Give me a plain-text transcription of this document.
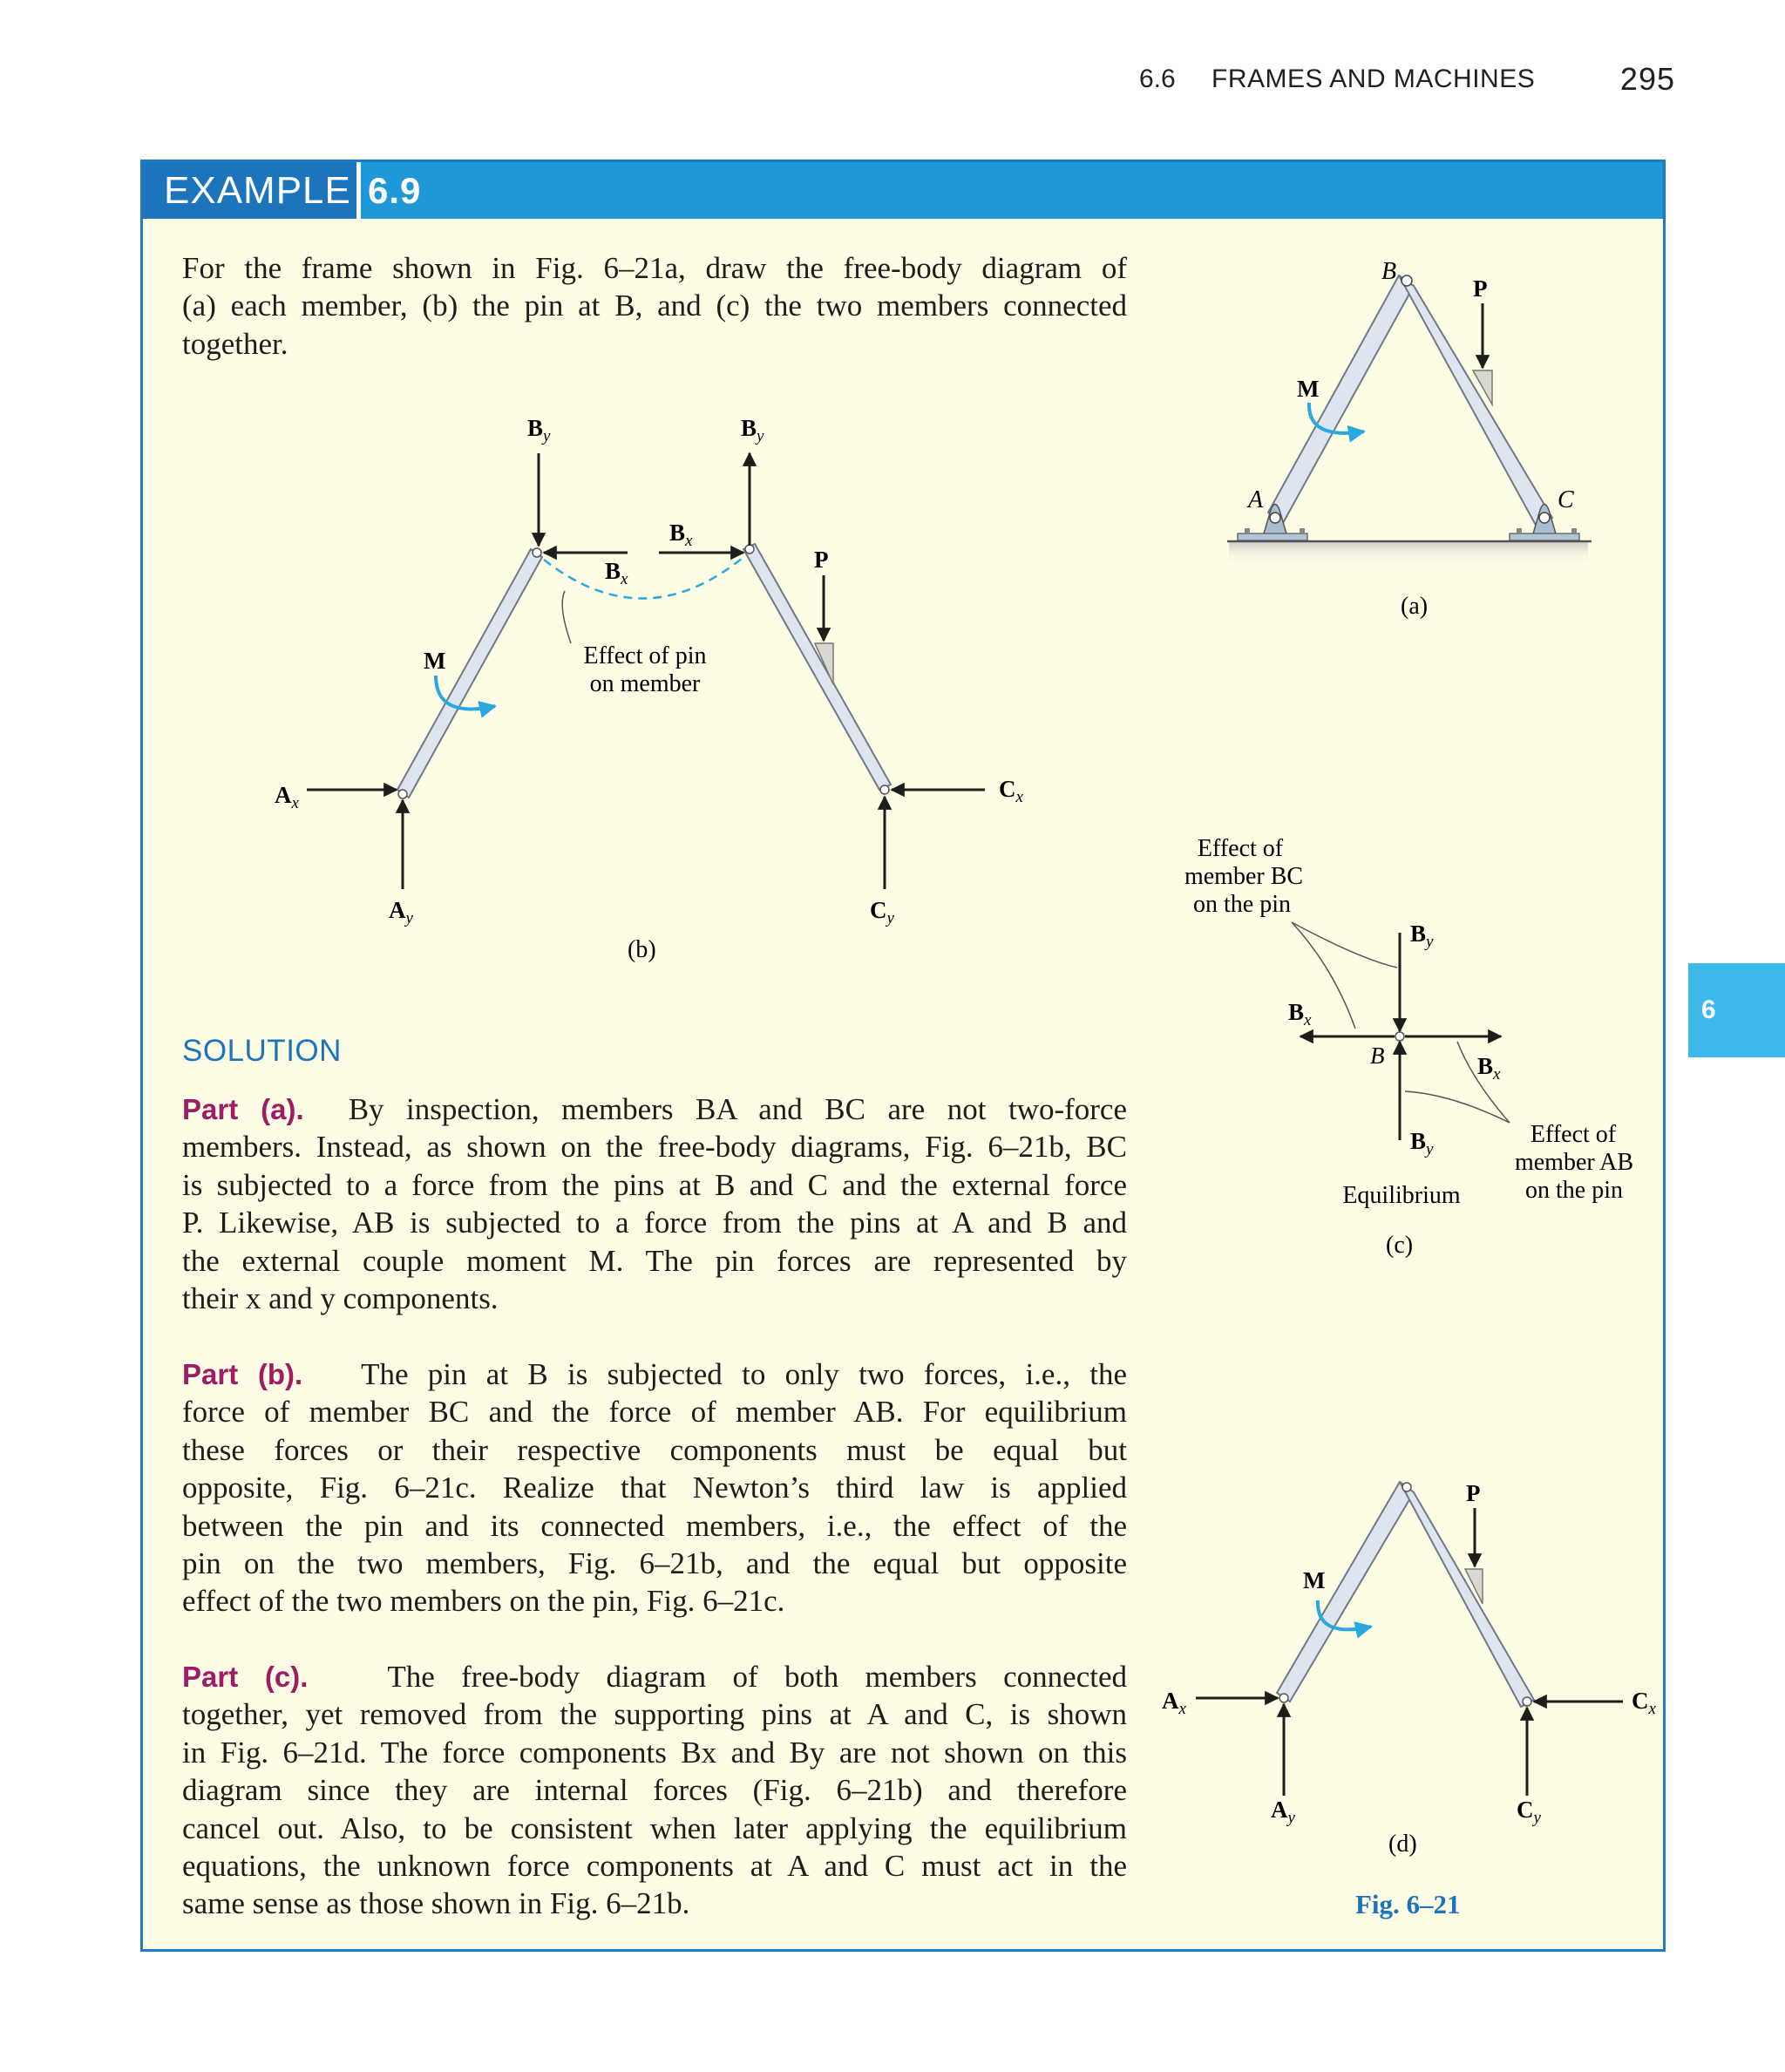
6.6 FRAMES AND MACHINES	295
6
EXAMPLE 6.9

For the frame shown in Fig. 6–21a, draw the free-body diagram of
(a) each member, (b) the pin at B, and (c) the two members connected
together.

SOLUTION

Part (a). By inspection, members BA and BC are not two-force
members. Instead, as shown on the free-body diagrams, Fig. 6–21b, BC
is subjected to a force from the pins at B and C and the external force
P. Likewise, AB is subjected to a force from the pins at A and B and
the external couple moment M. The pin forces are represented by
their x and y components.

Part (b). The pin at B is subjected to only two forces, i.e., the
force of member BC and the force of member AB. For equilibrium
these forces or their respective components must be equal but
opposite, Fig. 6–21c. Realize that Newton’s third law is applied
between the pin and its connected members, i.e., the effect of the
pin on the two members, Fig. 6–21b, and the equal but opposite
effect of the two members on the pin, Fig. 6–21c.

Part (c).	The free-body diagram of both members connected
together, yet removed from the supporting pins at A and C, is shown
in Fig. 6–21d. The force components Bx and By are not shown on this
diagram since they are internal forces (Fig. 6–21b) and therefore
cancel out. Also, to be consistent when later applying the equilibrium
equations, the unknown force components at A and C must act in the
same sense as those shown in Fig. 6–21b.

B
P
M
A	C
(a)
$B_y$	$B_y$
$B_x$
$B_x$
P
M
$A_x$
$A_y$
$C_x$
$C_y$
Effect of pin
on member
(b)
$B_y$
$B_x$
B	$B_x$
$B_y$
Effect of
member BC
on the pin
Effect of
member AB
on the pin
Equilibrium
(c)
P
M
$A_x$
$A_y$
$C_x$
$C_y$
(d)
Fig. 6–21
